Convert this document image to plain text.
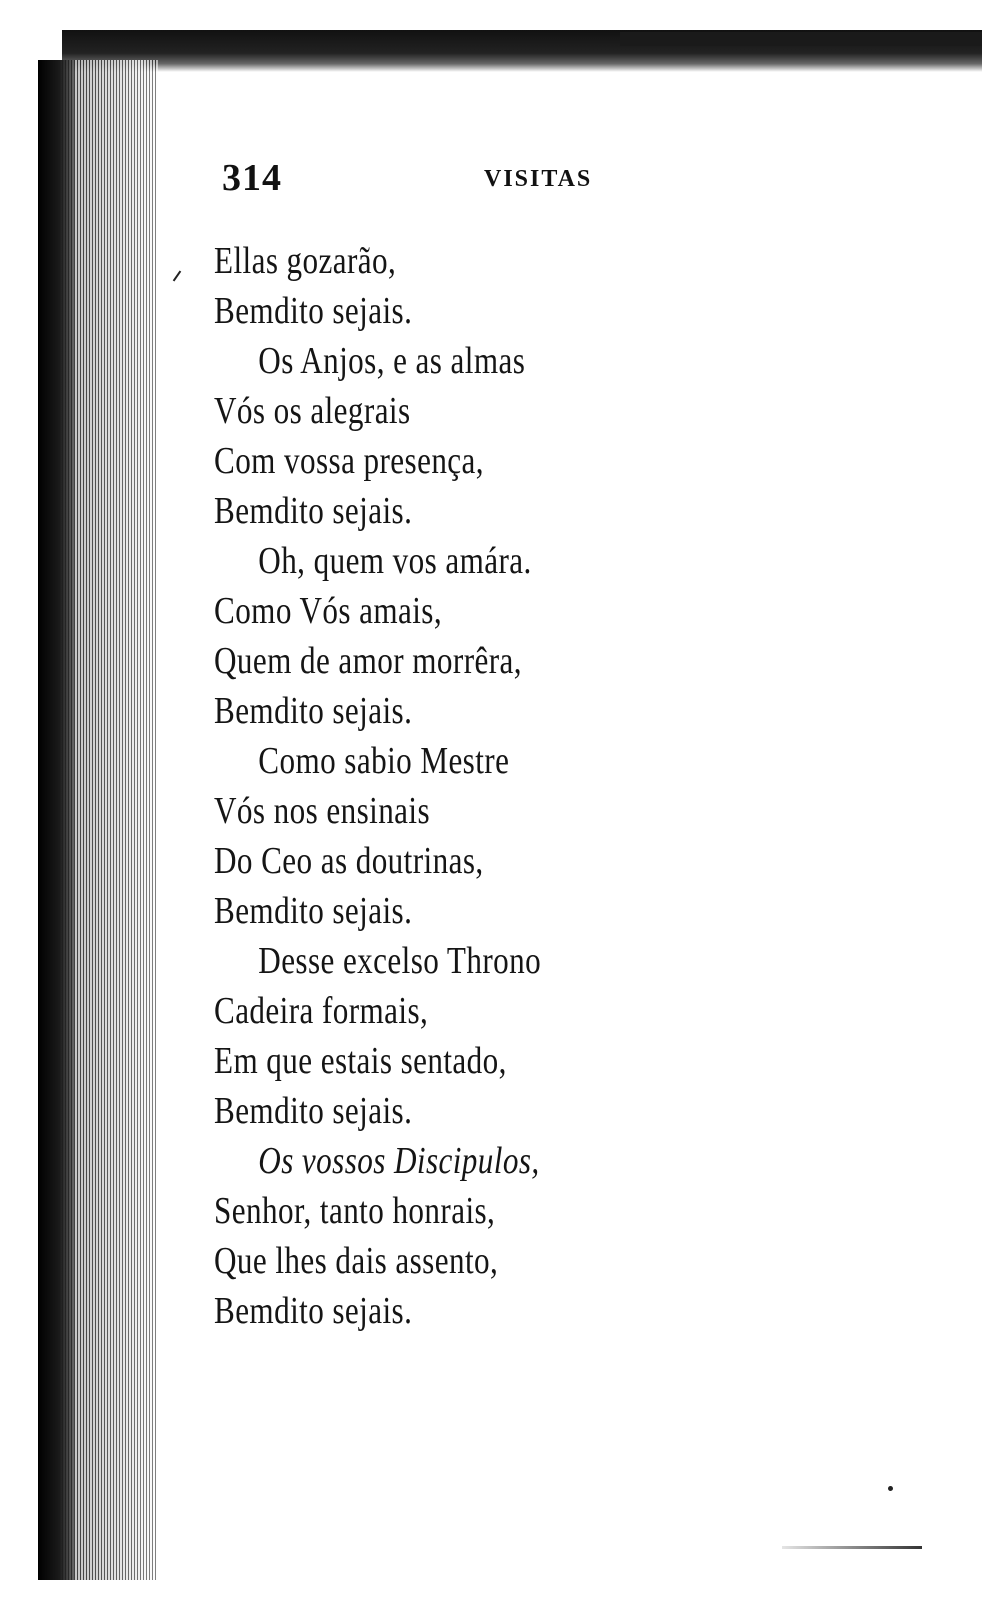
314	VISITAS
Ellas gozarão,
Bemdito sejais.
Os Anjos, e as almas
Vós os alegrais
Com vossa presença,
Bemdito sejais.
Oh, quem vos amára.
Como Vós amais,
Quem de amor morrêra,
Bemdito sejais.
Como sabio Mestre
Vós nos ensinais
Do Ceo as doutrinas,
Bemdito sejais.
Desse excelso Throno
Cadeira formais,
Em que estais sentado,
Bemdito sejais.
Os vossos Discipulos,
Senhor, tanto honrais,
Que lhes dais assento,
Bemdito sejais.
